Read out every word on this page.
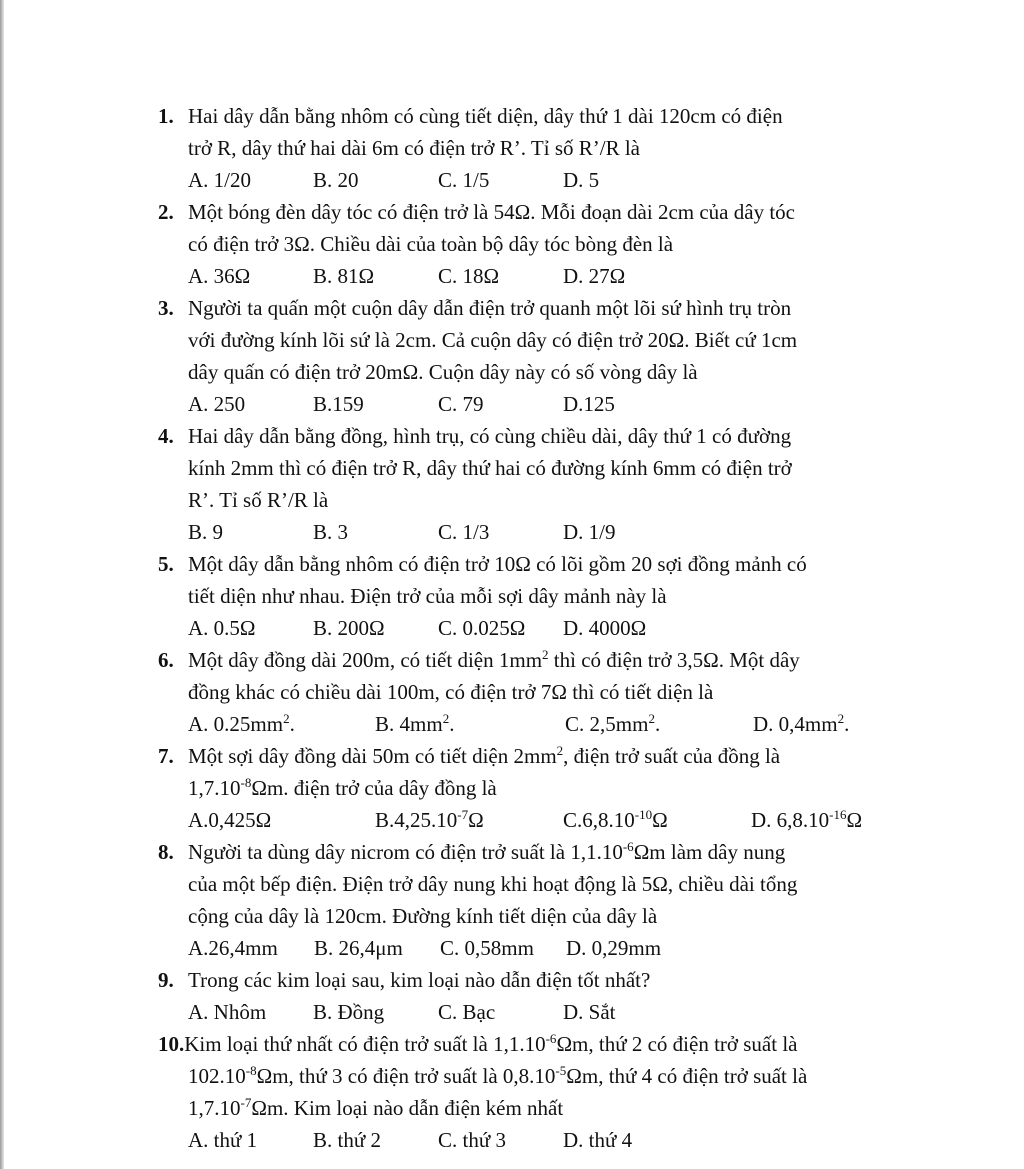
1. Hai dây dẫn bằng nhôm có cùng tiết diện, dây thứ 1 dài 120cm có điện
trở R, dây thứ hai dài 6m có điện trở R’. Tỉ số R’/R là
A. 1/20	B. 20	C. 1/5	D. 5
2. Một bóng đèn dây tóc có điện trở là 54Ω. Mỗi đoạn dài 2cm của dây tóc
có điện trở 3Ω. Chiều dài của toàn bộ dây tóc bòng đèn là
A. 36Ω	B. 81Ω	C. 18Ω	D. 27Ω
3. Người ta quấn một cuộn dây dẫn điện trở quanh một lõi sứ hình trụ tròn
với đường kính lõi sứ là 2cm. Cả cuộn dây có điện trở 20Ω. Biết cứ 1cm
dây quấn có điện trở 20mΩ. Cuộn dây này có số vòng dây là
A. 250	B.159	C. 79	D.125
4. Hai dây dẫn bằng đồng, hình trụ, có cùng chiều dài, dây thứ 1 có đường
kính 2mm thì có điện trở R, dây thứ hai có đường kính 6mm có điện trở
R’. Tỉ số R’/R là
B. 9	B. 3	C. 1/3	D. 1/9
5. Một dây dẫn bằng nhôm có điện trở 10Ω có lõi gồm 20 sợi đồng mảnh có
tiết diện như nhau. Điện trở của mỗi sợi dây mảnh này là
A. 0.5Ω	B. 200Ω	C. 0.025Ω	D. 4000Ω
6. Một dây đồng dài 200m, có tiết diện $1mm^2$ thì có điện trở 3,5Ω. Một dây
đồng khác có chiều dài 100m, có điện trở 7Ω thì có tiết diện là
A. $0.25mm^2$.	B. $4mm^2$.	C. $2,5mm^2$.	D. $0,4mm^2$.
7. Một sợi dây đồng dài 50m có tiết diện $2mm^2$, điện trở suất của đồng là
$1,7.10^{-8}\Omega m$. điện trở của dây đồng là
A.0,425Ω	$B.4,25.10^{-7}\Omega$	$C.6,8.10^{-10}\Omega$	D. $6,8.10^{-16}\Omega$
8. Người ta dùng dây nicrom có điện trở suất là $1,1.10^{-6}\Omega m$ làm dây nung
của một bếp điện. Điện trở dây nung khi hoạt động là 5Ω, chiều dài tổng
cộng của dây là 120cm. Đường kính tiết diện của dây là
A.26,4mm	B. 26,4μm	C. 0,58mm	D. 0,29mm
9. Trong các kim loại sau, kim loại nào dẫn điện tốt nhất?
A. Nhôm	B. Đồng	C. Bạc	D. Sắt
10.Kim loại thứ nhất có điện trở suất là $1,1.10^{-6}\Omega m$, thứ 2 có điện trở suất là
$102.10^{-8}\Omega m$, thứ 3 có điện trở suất là $0,8.10^{-5}\Omega m$, thứ 4 có điện trở suất là
$1,7.10^{-7}\Omega m$. Kim loại nào dẫn điện kém nhất
A. thứ 1	B. thứ 2	C. thứ 3	D. thứ 4
